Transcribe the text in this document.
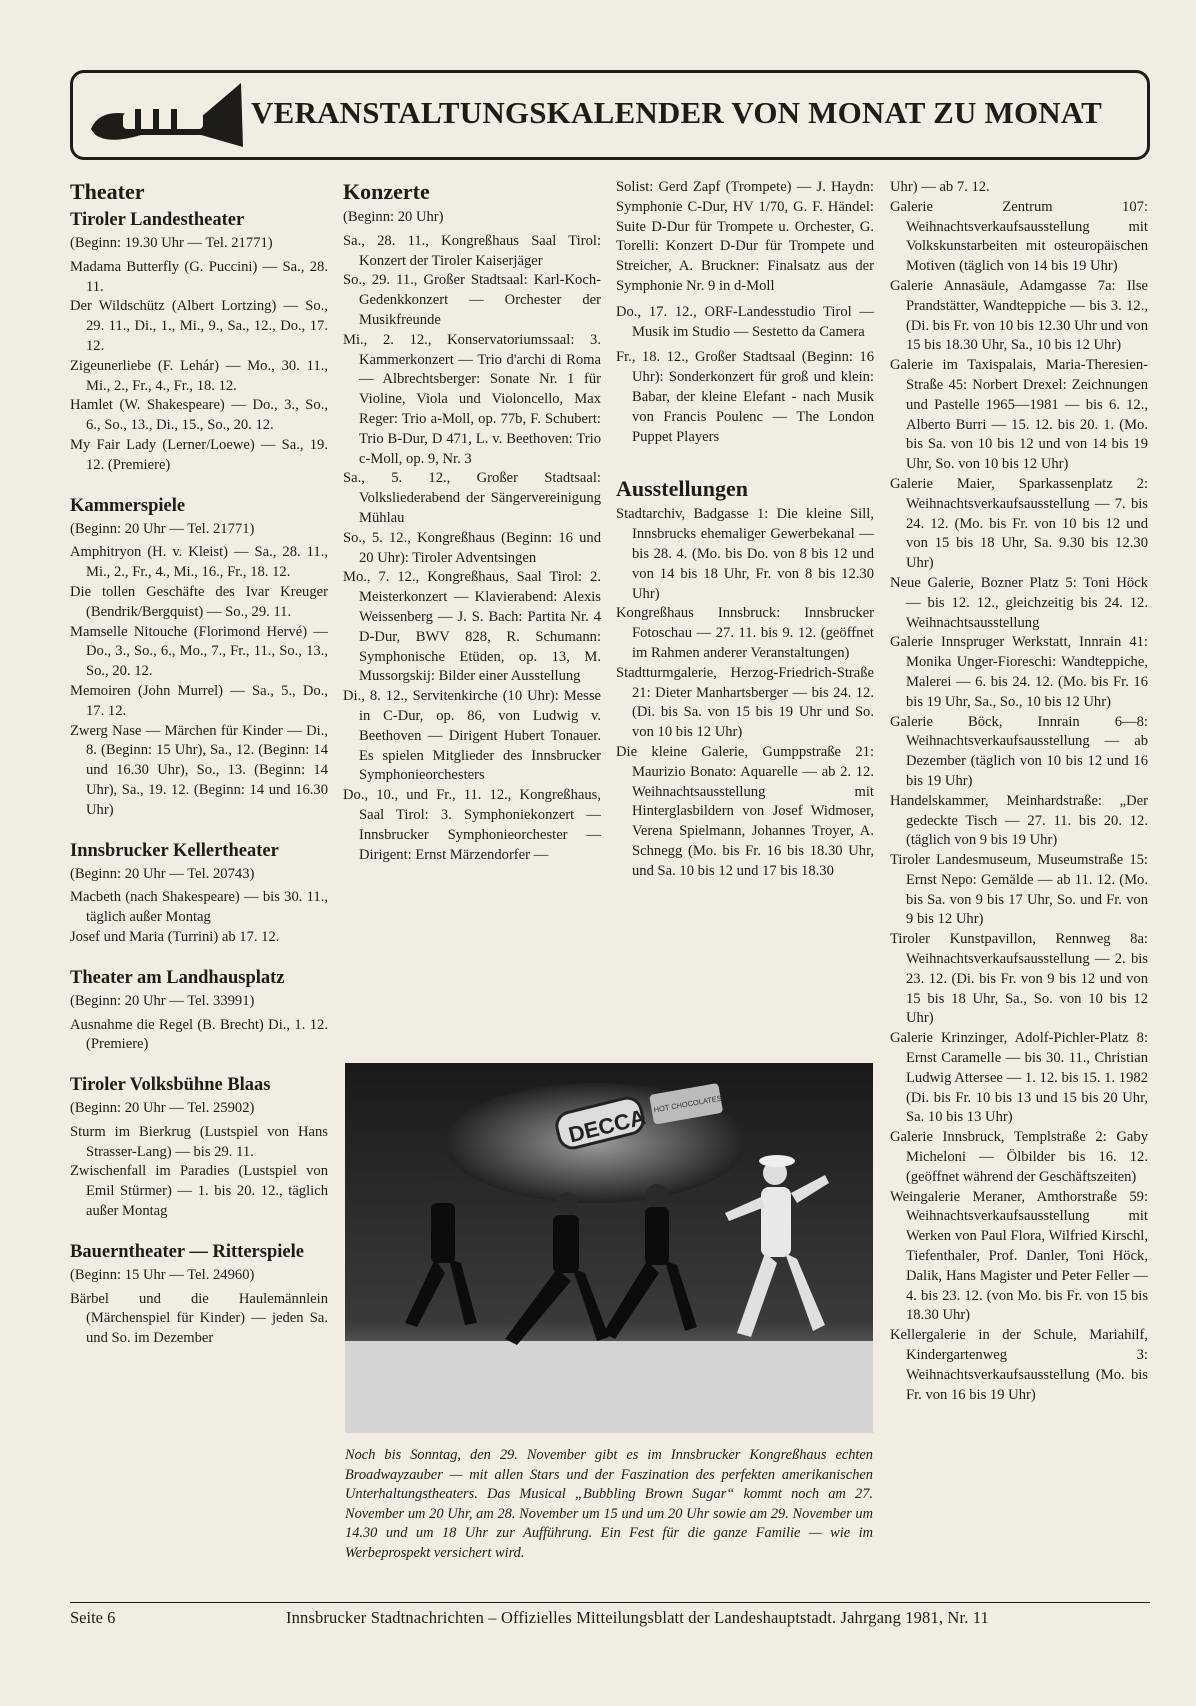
VERANSTALTUNGSKALENDER VON MONAT ZU MONAT
Theater
Tiroler Landestheater
(Beginn: 19.30 Uhr — Tel. 21771)

Madama Butterfly (G. Puccini) — Sa., 28. 11.

Der Wildschütz (Albert Lortzing) — So., 29. 11., Di., 1., Mi., 9., Sa., 12., Do., 17. 12.

Zigeunerliebe (F. Lehár) — Mo., 30. 11., Mi., 2., Fr., 4., Fr., 18. 12.

Hamlet (W. Shakespeare) — Do., 3., So., 6., So., 13., Di., 15., So., 20. 12.

My Fair Lady (Lerner/Loewe) — Sa., 19. 12. (Premiere)

Kammerspiele
(Beginn: 20 Uhr — Tel. 21771)

Amphitryon (H. v. Kleist) — Sa., 28. 11., Mi., 2., Fr., 4., Mi., 16., Fr., 18. 12.

Die tollen Geschäfte des Ivar Kreuger (Bendrik/Bergquist) — So., 29. 11.

Mamselle Nitouche (Florimond Hervé) — Do., 3., So., 6., Mo., 7., Fr., 11., So., 13., So., 20. 12.

Memoiren (John Murrel) — Sa., 5., Do., 17. 12.

Zwerg Nase — Märchen für Kinder — Di., 8. (Beginn: 15 Uhr), Sa., 12. (Beginn: 14 und 16.30 Uhr), So., 13. (Beginn: 14 Uhr), Sa., 19. 12. (Beginn: 14 und 16.30 Uhr)

Innsbrucker Kellertheater
(Beginn: 20 Uhr — Tel. 20743)

Macbeth (nach Shakespeare) — bis 30. 11., täglich außer Montag

Josef und Maria (Turrini) ab 17. 12.

Theater am Landhausplatz
(Beginn: 20 Uhr — Tel. 33991)

Ausnahme die Regel (B. Brecht) Di., 1. 12. (Premiere)

Tiroler Volksbühne Blaas
(Beginn: 20 Uhr — Tel. 25902)

Sturm im Bierkrug (Lustspiel von Hans Strasser-Lang) — bis 29. 11.

Zwischenfall im Paradies (Lustspiel von Emil Stürmer) — 1. bis 20. 12., täglich außer Montag

Bauerntheater — Ritterspiele
(Beginn: 15 Uhr — Tel. 24960)

Bärbel und die Haulemännlein (Märchenspiel für Kinder) — jeden Sa. und So. im Dezember

Konzerte
(Beginn: 20 Uhr)

Sa., 28. 11., Kongreßhaus Saal Tirol: Konzert der Tiroler Kaiserjäger

So., 29. 11., Großer Stadtsaal: Karl-Koch-Gedenkkonzert — Orchester der Musikfreunde

Mi., 2. 12., Konservatoriumssaal: 3. Kammerkonzert — Trio d'archi di Roma — Albrechtsberger: Sonate Nr. 1 für Violine, Viola und Violoncello, Max Reger: Trio a-Moll, op. 77b, F. Schubert: Trio B-Dur, D 471, L. v. Beethoven: Trio c-Moll, op. 9, Nr. 3

Sa., 5. 12., Großer Stadtsaal: Volksliederabend der Sängervereinigung Mühlau

So., 5. 12., Kongreßhaus (Beginn: 16 und 20 Uhr): Tiroler Adventsingen

Mo., 7. 12., Kongreßhaus, Saal Tirol: 2. Meisterkonzert — Klavierabend: Alexis Weissenberg — J. S. Bach: Partita Nr. 4 D-Dur, BWV 828, R. Schumann: Symphonische Etüden, op. 13, M. Mussorgskij: Bilder einer Ausstellung

Di., 8. 12., Servitenkirche (10 Uhr): Messe in C-Dur, op. 86, von Ludwig v. Beethoven — Dirigent Hubert Tonauer. Es spielen Mitglieder des Innsbrucker Symphonieorchesters

Do., 10., und Fr., 11. 12., Kongreßhaus, Saal Tirol: 3. Symphoniekonzert — Innsbrucker Symphonieorchester — Dirigent: Ernst Märzendorfer —

Solist: Gerd Zapf (Trompete) — J. Haydn: Symphonie C-Dur, HV 1/70, G. F. Händel: Suite D-Dur für Trompete u. Orchester, G. Torelli: Konzert D-Dur für Trompete und Streicher, A. Bruckner: Finalsatz aus der Symphonie Nr. 9 in d-Moll

Do., 17. 12., ORF-Landesstudio Tirol — Musik im Studio — Sestetto da Camera

Fr., 18. 12., Großer Stadtsaal (Beginn: 16 Uhr): Sonderkonzert für groß und klein: Babar, der kleine Elefant - nach Musik von Francis Poulenc — The London Puppet Players

Ausstellungen

Stadtarchiv, Badgasse 1: Die kleine Sill, Innsbrucks ehemaliger Gewerbekanal — bis 28. 4. (Mo. bis Do. von 8 bis 12 und von 14 bis 18 Uhr, Fr. von 8 bis 12.30 Uhr)

Kongreßhaus Innsbruck: Innsbrucker Fotoschau — 27. 11. bis 9. 12. (geöffnet im Rahmen anderer Veranstaltungen)

Stadtturmgalerie, Herzog-Friedrich-Straße 21: Dieter Manhartsberger — bis 24. 12. (Di. bis Sa. von 15 bis 19 Uhr und So. von 10 bis 12 Uhr)

Die kleine Galerie, Gumppstraße 21: Maurizio Bonato: Aquarelle — ab 2. 12. Weihnachtsausstellung mit Hinterglasbildern von Josef Widmoser, Verena Spielmann, Johannes Troyer, A. Schnegg (Mo. bis Fr. 16 bis 18.30 Uhr, und Sa. 10 bis 12 und 17 bis 18.30

Uhr) — ab 7. 12.

Galerie Zentrum 107: Weihnachtsverkaufsausstellung mit Volkskunstarbeiten mit osteuropäischen Motiven (täglich von 14 bis 19 Uhr)

Galerie Annasäule, Adamgasse 7a: Ilse Prandstätter, Wandteppiche — bis 3. 12., (Di. bis Fr. von 10 bis 12.30 Uhr und von 15 bis 18.30 Uhr, Sa., 10 bis 12 Uhr)

Galerie im Taxispalais, Maria-Theresien-Straße 45: Norbert Drexel: Zeichnungen und Pastelle 1965—1981 — bis 6. 12., Alberto Burri — 15. 12. bis 20. 1. (Mo. bis Sa. von 10 bis 12 und von 14 bis 19 Uhr, So. von 10 bis 12 Uhr)

Galerie Maier, Sparkassenplatz 2: Weihnachtsverkaufsausstellung — 7. bis 24. 12. (Mo. bis Fr. von 10 bis 12 und von 15 bis 18 Uhr, Sa. 9.30 bis 12.30 Uhr)

Neue Galerie, Bozner Platz 5: Toni Höck — bis 12. 12., gleichzeitig bis 24. 12. Weihnachtsausstellung

Galerie Innspruger Werkstatt, Innrain 41: Monika Unger-Fioreschi: Wandteppiche, Malerei — 6. bis 24. 12. (Mo. bis Fr. 16 bis 19 Uhr, Sa., So., 10 bis 12 Uhr)

Galerie Böck, Innrain 6—8: Weihnachtsverkaufsausstellung — ab Dezember (täglich von 10 bis 12 und 16 bis 19 Uhr)

Handelskammer, Meinhardstraße: „Der gedeckte Tisch — 27. 11. bis 20. 12. (täglich von 9 bis 19 Uhr)

Tiroler Landesmuseum, Museumstraße 15: Ernst Nepo: Gemälde — ab 11. 12. (Mo. bis Sa. von 9 bis 17 Uhr, So. und Fr. von 9 bis 12 Uhr)

Tiroler Kunstpavillon, Rennweg 8a: Weihnachtsverkaufsausstellung — 2. bis 23. 12. (Di. bis Fr. von 9 bis 12 und von 15 bis 18 Uhr, Sa., So. von 10 bis 12 Uhr)

Galerie Krinzinger, Adolf-Pichler-Platz 8: Ernst Caramelle — bis 30. 11., Christian Ludwig Attersee — 1. 12. bis 15. 1. 1982 (Di. bis Fr. 10 bis 13 und 15 bis 20 Uhr, Sa. 10 bis 13 Uhr)

Galerie Innsbruck, Templstraße 2: Gaby Micheloni — Ölbilder bis 16. 12. (geöffnet während der Geschäftszeiten)

Weingalerie Meraner, Amthorstraße 59: Weihnachtsverkaufsausstellung mit Werken von Paul Flora, Wilfried Kirschl, Tiefenthaler, Prof. Danler, Toni Höck, Dalik, Hans Magister und Peter Feller — 4. bis 23. 12. (von Mo. bis Fr. von 15 bis 18.30 Uhr)

Kellergalerie in der Schule, Mariahilf, Kindergartenweg 3: Weihnachtsverkaufsausstellung (Mo. bis Fr. von 16 bis 19 Uhr)

DECCA
HOT CHOCOLATES
Noch bis Sonntag, den 29. November gibt es im Innsbrucker Kongreßhaus echten Broadwayzauber — mit allen Stars und der Faszination des perfekten amerikanischen Unterhaltungstheaters. Das Musical „Bubbling Brown Sugar“ kommt noch am 27. November um 20 Uhr, am 28. November um 15 und um 20 Uhr sowie am 29. November um 14.30 und um 18 Uhr zur Aufführung. Ein Fest für die ganze Familie — wie im Werbeprospekt versichert wird.
Seite 6	Innsbrucker Stadtnachrichten – Offizielles Mitteilungsblatt der Landeshauptstadt. Jahrgang 1981, Nr. 11
